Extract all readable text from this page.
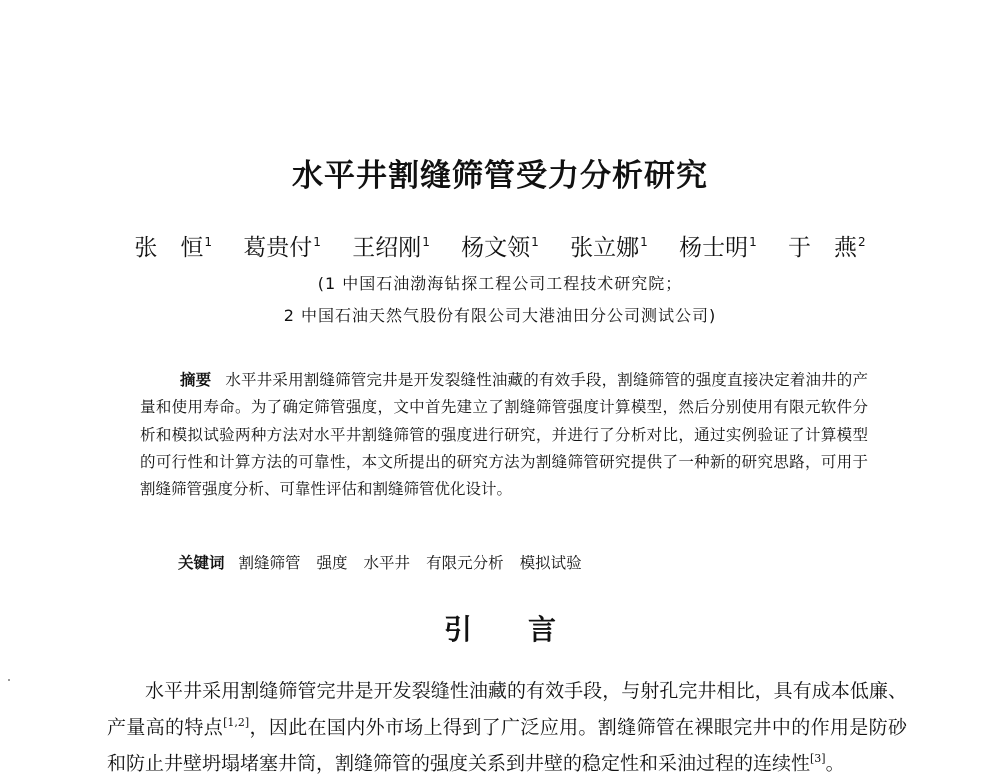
水平井割缝筛管受力分析研究
张　恒$^1$ 葛贵付$^1$ 王绍刚$^1$ 杨文领$^1$ 张立娜$^1$ 杨士明$^1$ 于　燕$^2$
(1 中国石油渤海钻探工程公司工程技术研究院；
2 中国石油天然气股份有限公司大港油田分公司测试公司)

摘要 水平井采用割缝筛管完井是开发裂缝性油藏的有效手段，割缝筛管的强度直接决定着油井的产量和使用寿命。为了确定筛管强度，文中首先建立了割缝筛管强度计算模型，然后分别使用有限元软件分析和模拟试验两种方法对水平井割缝筛管的强度进行研究，并进行了分析对比，通过实例验证了计算模型的可行性和计算方法的可靠性，本文所提出的研究方法为割缝筛管研究提供了一种新的研究思路，可用于割缝筛管强度分析、可靠性评估和割缝筛管优化设计。

关键词 割缝筛管 强度 水平井 有限元分析 模拟试验

引 言

水平井采用割缝筛管完井是开发裂缝性油藏的有效手段，与射孔完井相比，具有成本低廉、产量高的特点[1,2]，因此在国内外市场上得到了广泛应用。割缝筛管在裸眼完井中的作用是防砂和防止井壁坍塌堵塞井筒，割缝筛管的强度关系到井壁的稳定性和采油过程的连续性[3]。
